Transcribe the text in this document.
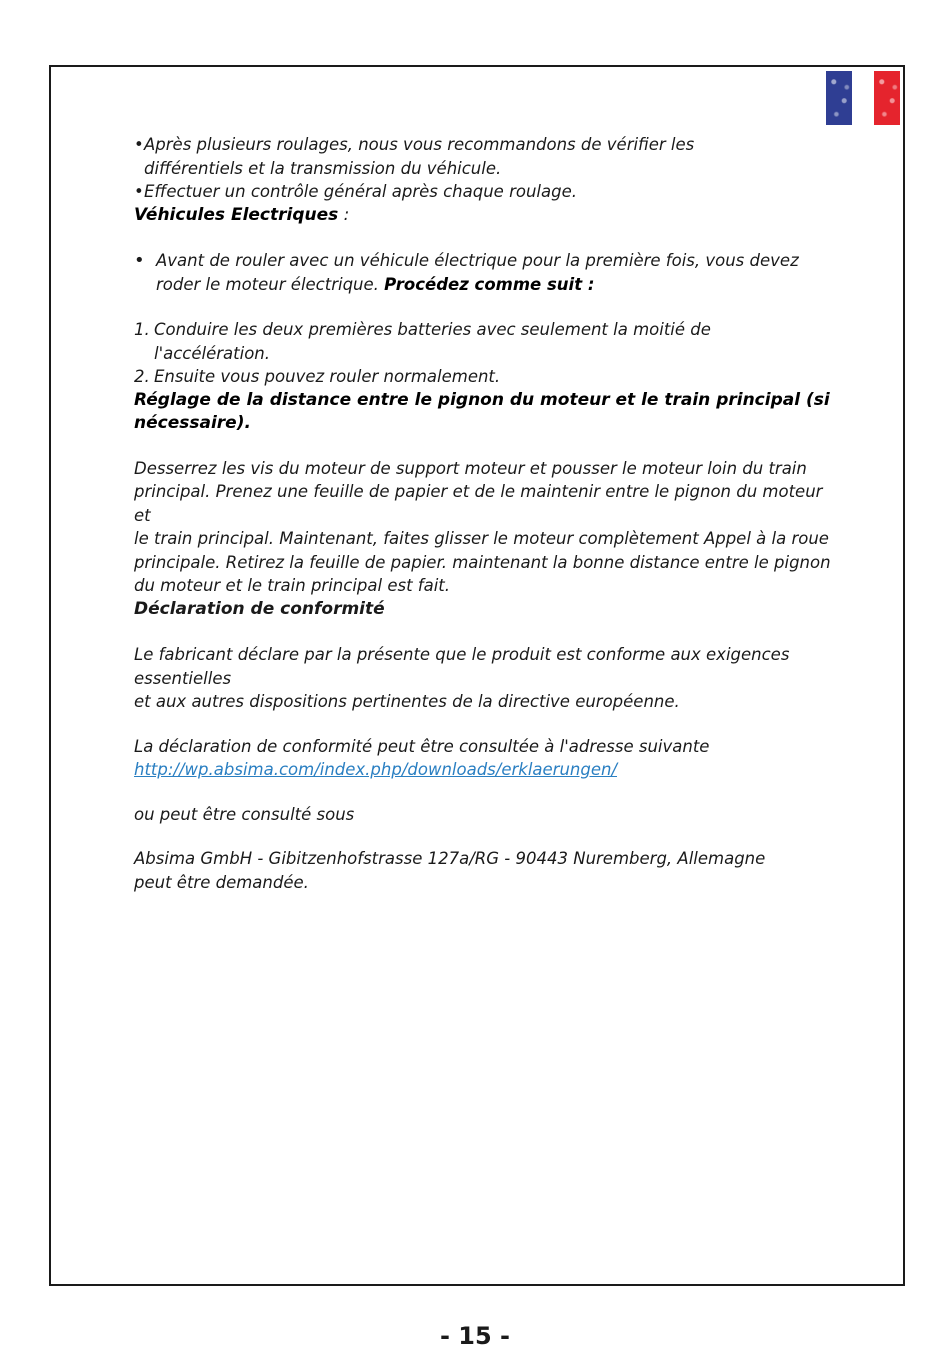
• Après plusieurs roulages, nous vous recommandons de vérifier les
différentiels et la transmission du véhicule.
• Effectuer un contrôle général après chaque roulage.

Véhicules Electriques :

• Avant de rouler avec un véhicule électrique pour la première fois, vous devez
roder le moteur électrique. Procédez comme suit :
1. Conduire les deux premières batteries avec seulement la moitié de
l'accélération.
2. Ensuite vous pouvez rouler normalement.

Réglage de la distance entre le pignon du moteur et le train principal (si nécessaire).

Desserrez les vis du moteur de support moteur et pousser le moteur loin du train
principal. Prenez une feuille de papier et de le maintenir entre le pignon du moteur et
le train principal. Maintenant, faites glisser le moteur complètement Appel à la roue
principale. Retirez la feuille de papier. maintenant la bonne distance entre le pignon
du moteur et le train principal est fait.

Déclaration de conformité

Le fabricant déclare par la présente que le produit est conforme aux exigences essentielles
et aux autres dispositions pertinentes de la directive européenne.
La déclaration de conformité peut être consultée à l'adresse suivante
http://wp.absima.com/index.php/downloads/erklaerungen/
ou peut être consulté sous
Absima GmbH - Gibitzenhofstrasse 127a/RG - 90443 Nuremberg, Allemagne
peut être demandée.
- 15 -
